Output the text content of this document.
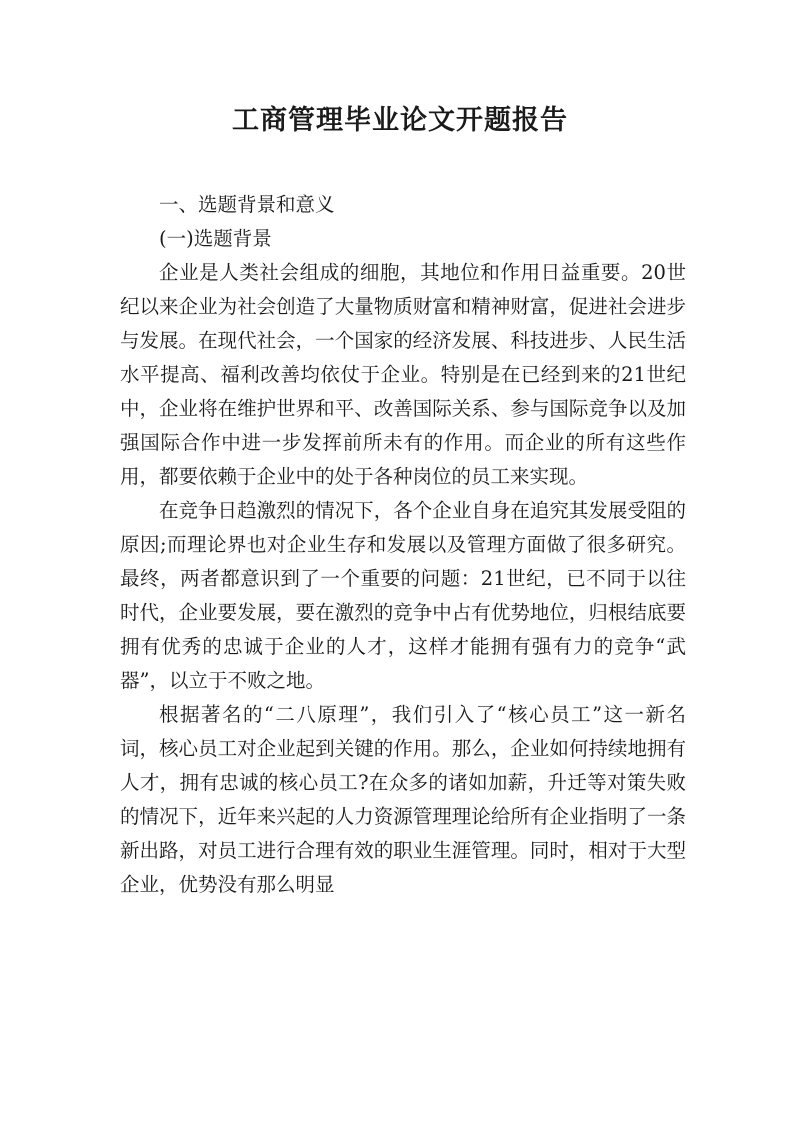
工商管理毕业论文开题报告

一、选题背景和意义

(一)选题背景

企业是人类社会组成的细胞，其地位和作用日益重要。20世纪以来企业为社会创造了大量物质财富和精神财富，促进社会进步与发展。在现代社会，一个国家的经济发展、科技进步、人民生活水平提高、福利改善均依仗于企业。特别是在已经到来的21世纪中，企业将在维护世界和平、改善国际关系、参与国际竞争以及加强国际合作中进一步发挥前所未有的作用。而企业的所有这些作用，都要依赖于企业中的处于各种岗位的员工来实现。

在竞争日趋激烈的情况下，各个企业自身在追究其发展受阻的原因;而理论界也对企业生存和发展以及管理方面做了很多研究。最终，两者都意识到了一个重要的问题：21世纪，已不同于以往时代，企业要发展，要在激烈的竞争中占有优势地位，归根结底要拥有优秀的忠诚于企业的人才，这样才能拥有强有力的竞争“武器”，以立于不败之地。

根据著名的“二八原理”，我们引入了“核心员工”这一新名词，核心员工对企业起到关键的作用。那么，企业如何持续地拥有人才，拥有忠诚的核心员工?在众多的诸如加薪，升迁等对策失败的情况下，近年来兴起的人力资源管理理论给所有企业指明了一条新出路，对员工进行合理有效的职业生涯管理。同时，相对于大型企业，优势没有那么明显
